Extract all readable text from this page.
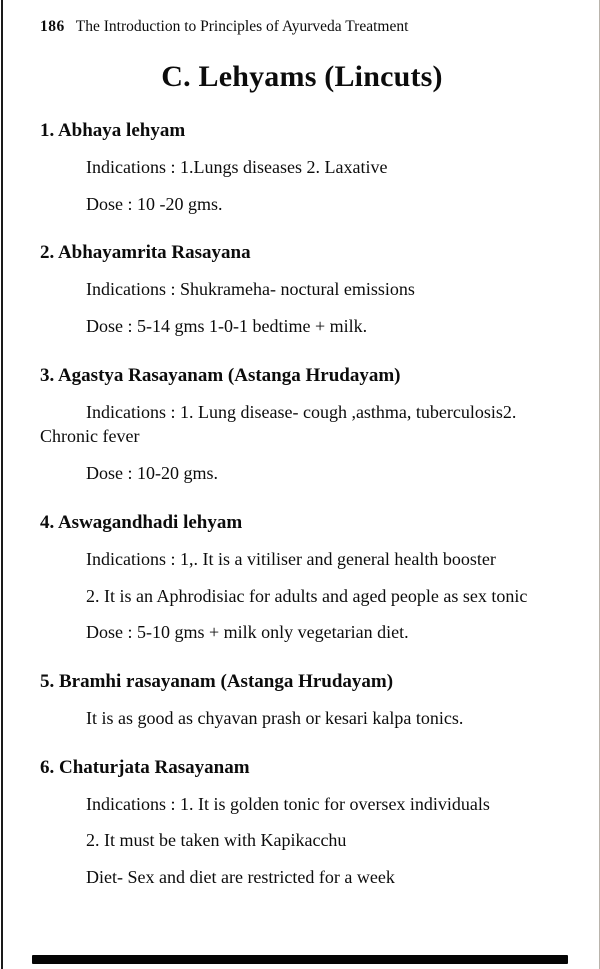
186 The Introduction to Principles of Ayurveda Treatment
C. Lehyams (Lincuts)
1. Abhaya lehyam

Indications : 1.Lungs diseases 2. Laxative

Dose : 10 -20 gms.

2. Abhayamrita Rasayana

Indications : Shukrameha- noctural emissions

Dose : 5-14 gms 1-0-1 bedtime + milk.

3. Agastya Rasayanam (Astanga Hrudayam)

Indications : 1. Lung disease- cough ,asthma, tuberculosis2. Chronic fever

Dose : 10-20 gms.

4. Aswagandhadi lehyam

Indications : 1,. It is a vitiliser and general health booster

2. It is an Aphrodisiac for adults and aged people as sex tonic

Dose : 5-10 gms + milk only vegetarian diet.

5. Bramhi rasayanam (Astanga Hrudayam)

It is as good as chyavan prash or kesari kalpa tonics.

6. Chaturjata Rasayanam

Indications : 1. It is golden tonic for oversex individuals

2. It must be taken with Kapikacchu

Diet- Sex and diet are restricted for a week
